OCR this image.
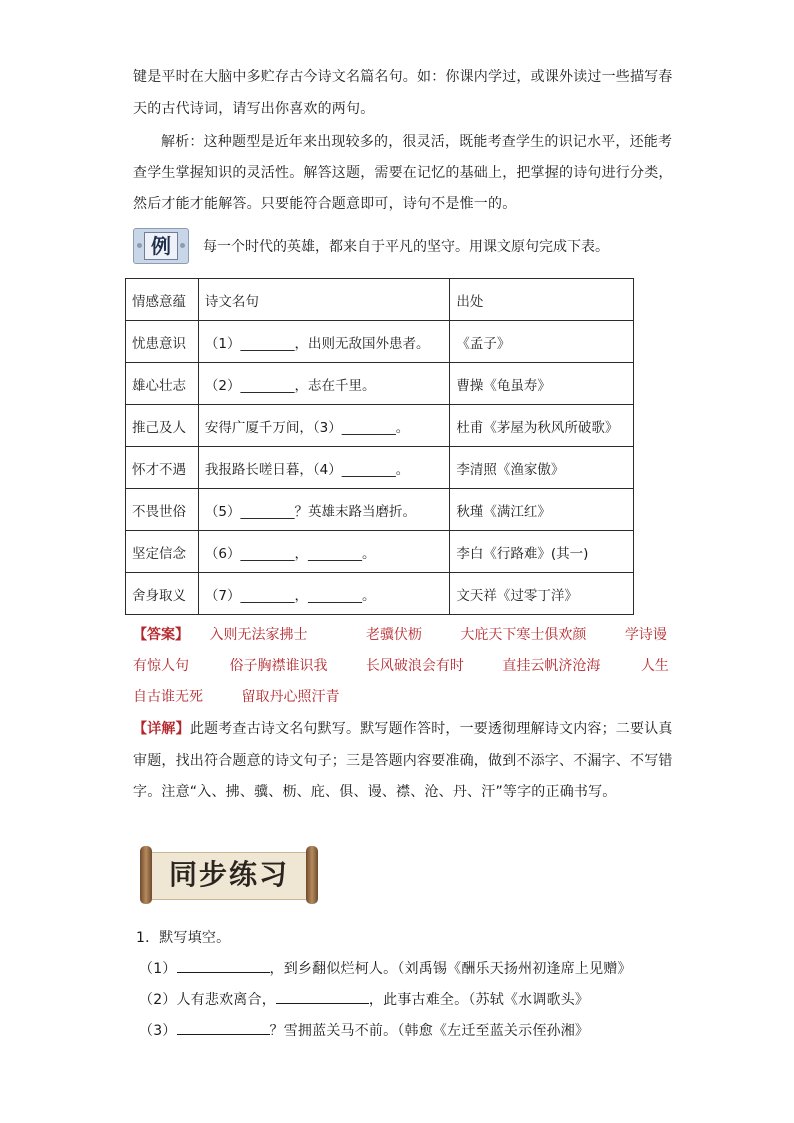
键是平时在大脑中多贮存古今诗文名篇名句。如：你课内学过，或课外读过一些描写春
天的古代诗词，请写出你喜欢的两句。
解析：这种题型是近年来出现较多的，很灵活，既能考查学生的识记水平，还能考
查学生掌握知识的灵活性。解答这题，需要在记忆的基础上，把掌握的诗句进行分类，
然后才能才能解答。只要能符合题意即可，诗句不是惟一的。
例	每一个时代的英雄，都来自于平凡的坚守。用课文原句完成下表。
情感意蕴	诗文名句	出处
忧患意识	（1）________，出则无敌国外患者。	《孟子》
雄心壮志	（2）________，志在千里。	曹操《龟虽寿》
推己及人	安得广厦千万间，（3）________。	杜甫《茅屋为秋风所破歌》
怀才不遇	我报路长嗟日暮，（4）________。	李清照《渔家傲》
不畏世俗	（5）________？英雄末路当磨折。	秋瑾《满江红》
坚定信念	（6）________，________。	李白《行路难》(其一)
舍身取义	（7）________，________。	文天祥《过零丁洋》
【答案】 入则无法家拂士	老骥伏枥	大庇天下寒士俱欢颜	学诗谩
有惊人句	俗子胸襟谁识我	长风破浪会有时	直挂云帆济沧海	人生
自古谁无死	留取丹心照汗青
【详解】此题考查古诗文名句默写。默写题作答时，一要透彻理解诗文内容；二要认真
审题，找出符合题意的诗文句子；三是答题内容要准确，做到不添字、不漏字、不写错
字。注意“入、拂、骥、枥、庇、俱、谩、襟、沧、丹、汗”等字的正确书写。
同步练习
1．默写填空。
（1）	，到乡翻似烂柯人。（刘禹锡《酬乐天扬州初逢席上见赠》
（2）人有悲欢离合，	，此事古难全。（苏轼《水调歌头》
（3）	？雪拥蓝关马不前。（韩愈《左迁至蓝关示侄孙湘》
